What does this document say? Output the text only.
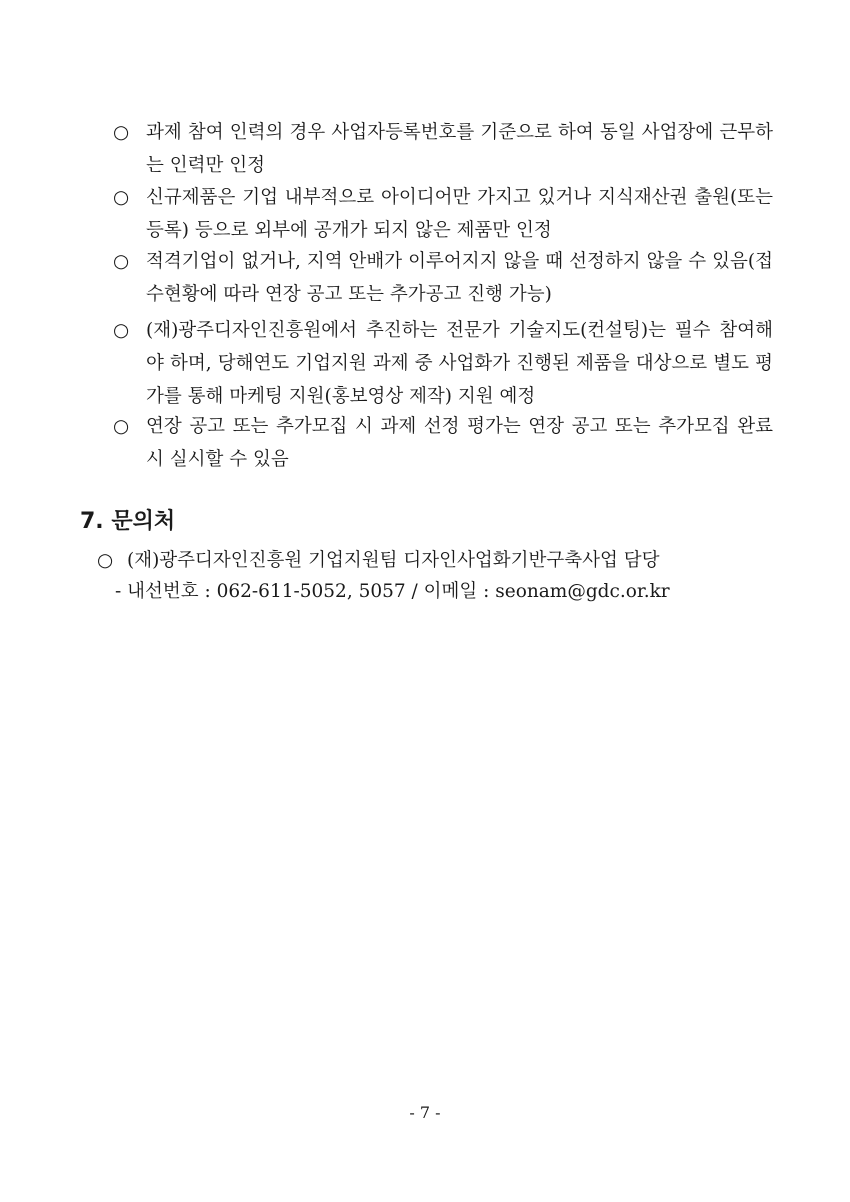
○ 과제 참여 인력의 경우 사업자등록번호를 기준으로 하여 동일 사업장에 근무하는 인력만 인정
○ 신규제품은 기업 내부적으로 아이디어만 가지고 있거나 지식재산권 출원(또는 등록) 등으로 외부에 공개가 되지 않은 제품만 인정
○ 적격기업이 없거나, 지역 안배가 이루어지지 않을 때 선정하지 않을 수 있음(접수현황에 따라 연장 공고 또는 추가공고 진행 가능)
○ (재)광주디자인진흥원에서 추진하는 전문가 기술지도(컨설팅)는 필수 참여해야 하며, 당해연도 기업지원 과제 중 사업화가 진행된 제품을 대상으로 별도 평가를 통해 마케팅 지원(홍보영상 제작) 지원 예정
○ 연장 공고 또는 추가모집 시 과제 선정 평가는 연장 공고 또는 추가모집 완료 시 실시할 수 있음
7. 문의처
○ (재)광주디자인진흥원 기업지원팀 디자인사업화기반구축사업 담당
- 내선번호 : 062-611-5052, 5057 / 이메일 : seonam@gdc.or.kr
- 7 -
